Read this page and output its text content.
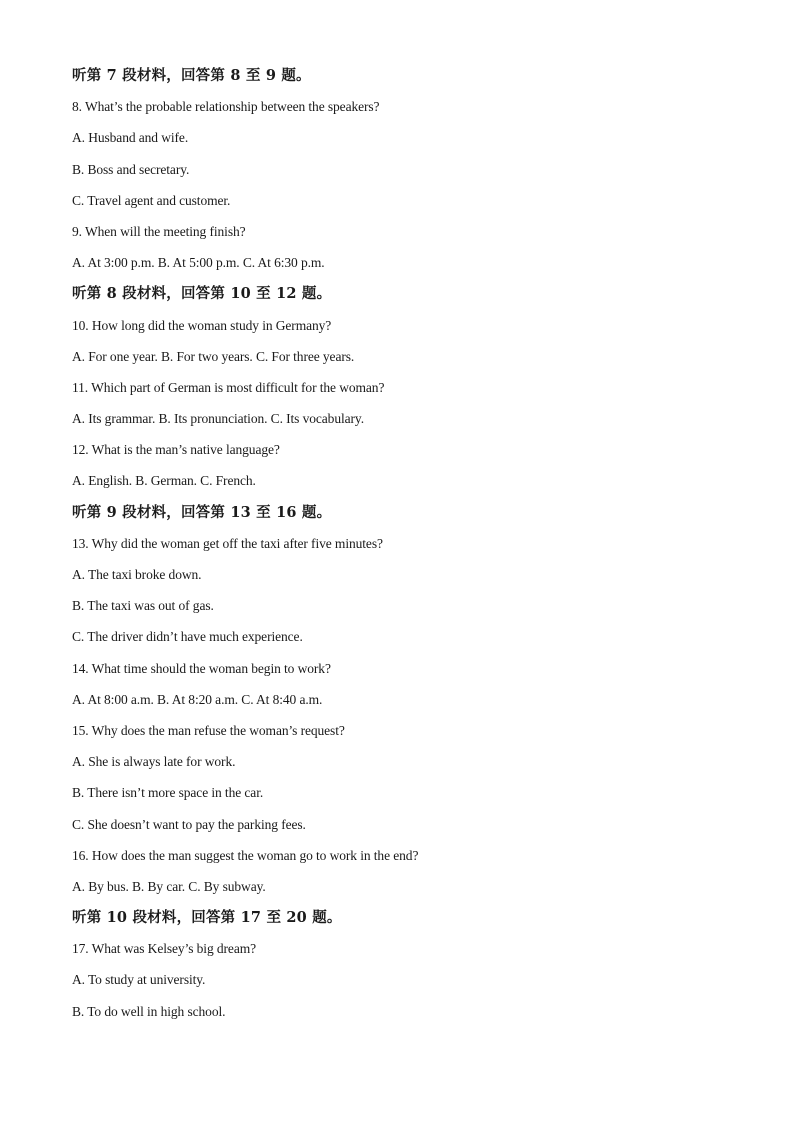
听第 7 段材料，回答第 8 至 9 题。
8. What’s the probable relationship between the speakers?
A. Husband and wife.
B. Boss and secretary.
C. Travel agent and customer.
9. When will the meeting finish?
A. At 3:00 p.m. B. At 5:00 p.m. C. At 6:30 p.m.
听第 8 段材料，回答第 10 至 12 题。
10. How long did the woman study in Germany?
A. For one year. B. For two years. C. For three years.
11. Which part of German is most difficult for the woman?
A. Its grammar. B. Its pronunciation. C. Its vocabulary.
12. What is the man’s native language?
A. English. B. German. C. French.
听第 9 段材料，回答第 13 至 16 题。
13. Why did the woman get off the taxi after five minutes?
A. The taxi broke down.
B. The taxi was out of gas.
C. The driver didn’t have much experience.
14. What time should the woman begin to work?
A. At 8:00 a.m. B. At 8:20 a.m. C. At 8:40 a.m.
15. Why does the man refuse the woman’s request?
A. She is always late for work.
B. There isn’t more space in the car.
C. She doesn’t want to pay the parking fees.
16. How does the man suggest the woman go to work in the end?
A. By bus. B. By car. C. By subway.
听第 10 段材料，回答第 17 至 20 题。
17. What was Kelsey’s big dream?
A. To study at university.
B. To do well in high school.
